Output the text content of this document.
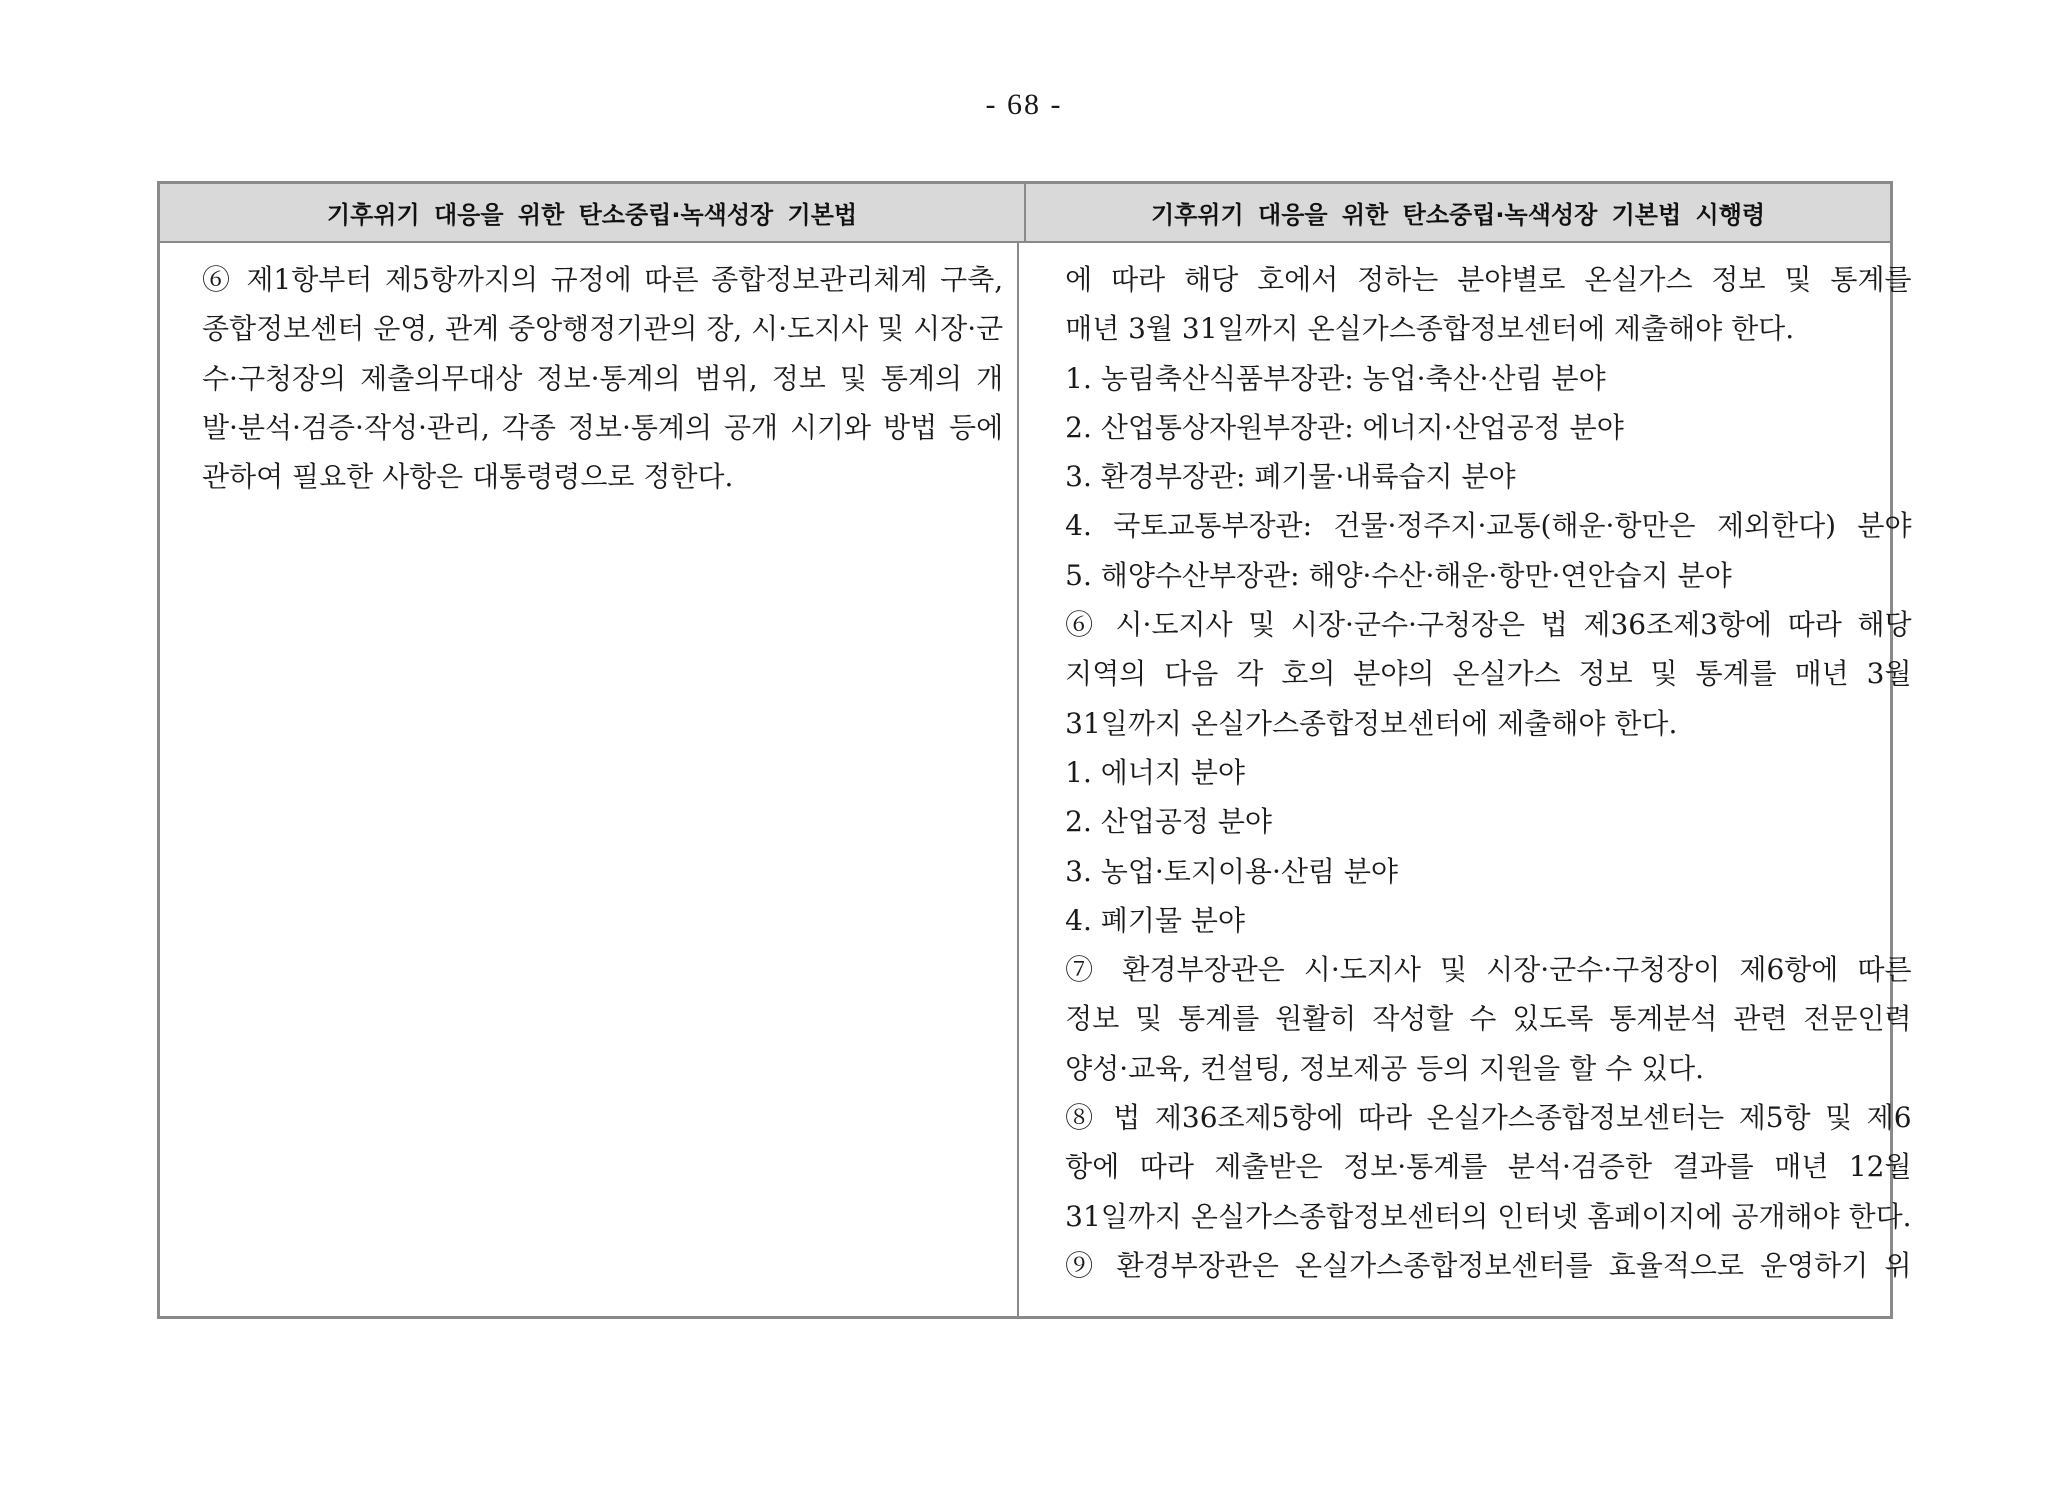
- 68 -
기후위기 대응을 위한 탄소중립·녹색성장 기본법	기후위기 대응을 위한 탄소중립·녹색성장 기본법 시행령
⑥ 제1항부터 제5항까지의 규정에 따른 종합정보관리체계 구축,
종합정보센터 운영, 관계 중앙행정기관의 장, 시·도지사 및 시장·군
수·구청장의 제출의무대상 정보·통계의 범위, 정보 및 통계의 개
발·분석·검증·작성·관리, 각종 정보·통계의 공개 시기와 방법 등에
관하여 필요한 사항은 대통령령으로 정한다.
에 따라 해당 호에서 정하는 분야별로 온실가스 정보 및 통계를
매년 3월 31일까지 온실가스종합정보센터에 제출해야 한다.
1. 농림축산식품부장관: 농업·축산·산림 분야
2. 산업통상자원부장관: 에너지·산업공정 분야
3. 환경부장관: 폐기물·내륙습지 분야
4. 국토교통부장관: 건물·정주지·교통(해운·항만은 제외한다) 분야
5. 해양수산부장관: 해양·수산·해운·항만·연안습지 분야
⑥ 시·도지사 및 시장·군수·구청장은 법 제36조제3항에 따라 해당
지역의 다음 각 호의 분야의 온실가스 정보 및 통계를 매년 3월
31일까지 온실가스종합정보센터에 제출해야 한다.
1. 에너지 분야
2. 산업공정 분야
3. 농업·토지이용·산림 분야
4. 폐기물 분야
⑦ 환경부장관은 시·도지사 및 시장·군수·구청장이 제6항에 따른
정보 및 통계를 원활히 작성할 수 있도록 통계분석 관련 전문인력
양성·교육, 컨설팅, 정보제공 등의 지원을 할 수 있다.
⑧ 법 제36조제5항에 따라 온실가스종합정보센터는 제5항 및 제6
항에 따라 제출받은 정보·통계를 분석·검증한 결과를 매년 12월
31일까지 온실가스종합정보센터의 인터넷 홈페이지에 공개해야 한다.
⑨ 환경부장관은 온실가스종합정보센터를 효율적으로 운영하기 위
